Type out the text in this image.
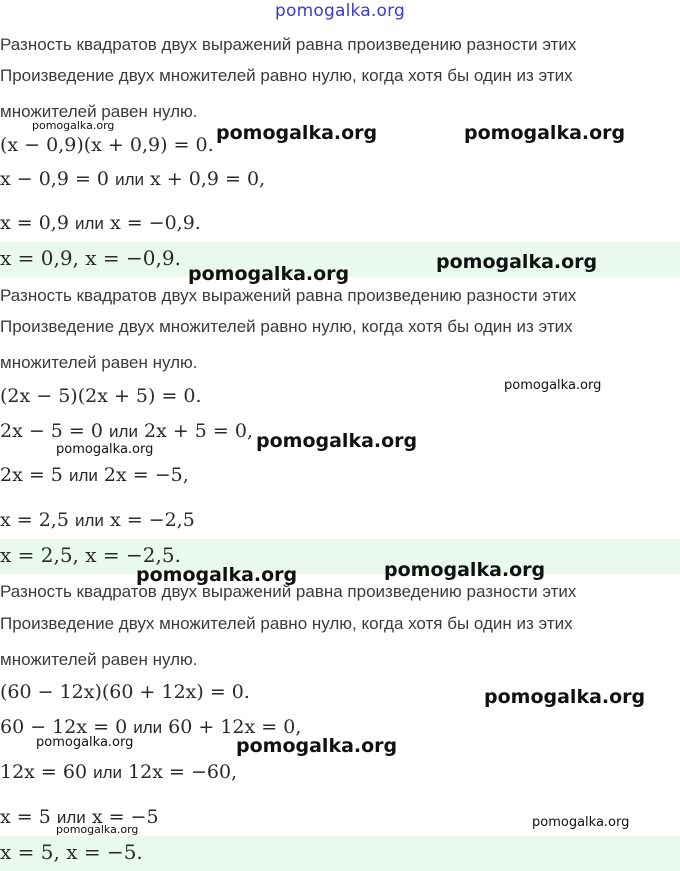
pomogalka.org
Разность квадратов двух выражений равна произведению разности этих
Произведение двух множителей равно нулю, когда хотя бы один из этих
множителей равен нулю.
(x − 0,9)(x + 0,9) = 0.
x − 0,9 = 0 или x + 0,9 = 0,
x = 0,9 или x = −0,9.
x = 0,9, x = −0,9.
Разность квадратов двух выражений равна произведению разности этих
Произведение двух множителей равно нулю, когда хотя бы один из этих
множителей равен нулю.
(2x − 5)(2x + 5) = 0.
2x − 5 = 0 или 2x + 5 = 0,
2x = 5 или 2x = −5,
x = 2,5 или x = −2,5
x = 2,5, x = −2,5.
Разность квадратов двух выражений равна произведению разности этих
Произведение двух множителей равно нулю, когда хотя бы один из этих
множителей равен нулю.
(60 − 12x)(60 + 12x) = 0.
60 − 12x = 0 или 60 + 12x = 0,
12x = 60 или 12x = −60,
x = 5 или x = −5
x = 5, x = −5.
pomogalka.org	pomogalka.org	pomogalka.org
pomogalka.org
pomogalka.org
pomogalka.org
pomogalka.org
pomogalka.org
pomogalka.org	pomogalka.org
pomogalka.org
pomogalka.org
pomogalka.org
pomogalka.org
pomogalka.org
